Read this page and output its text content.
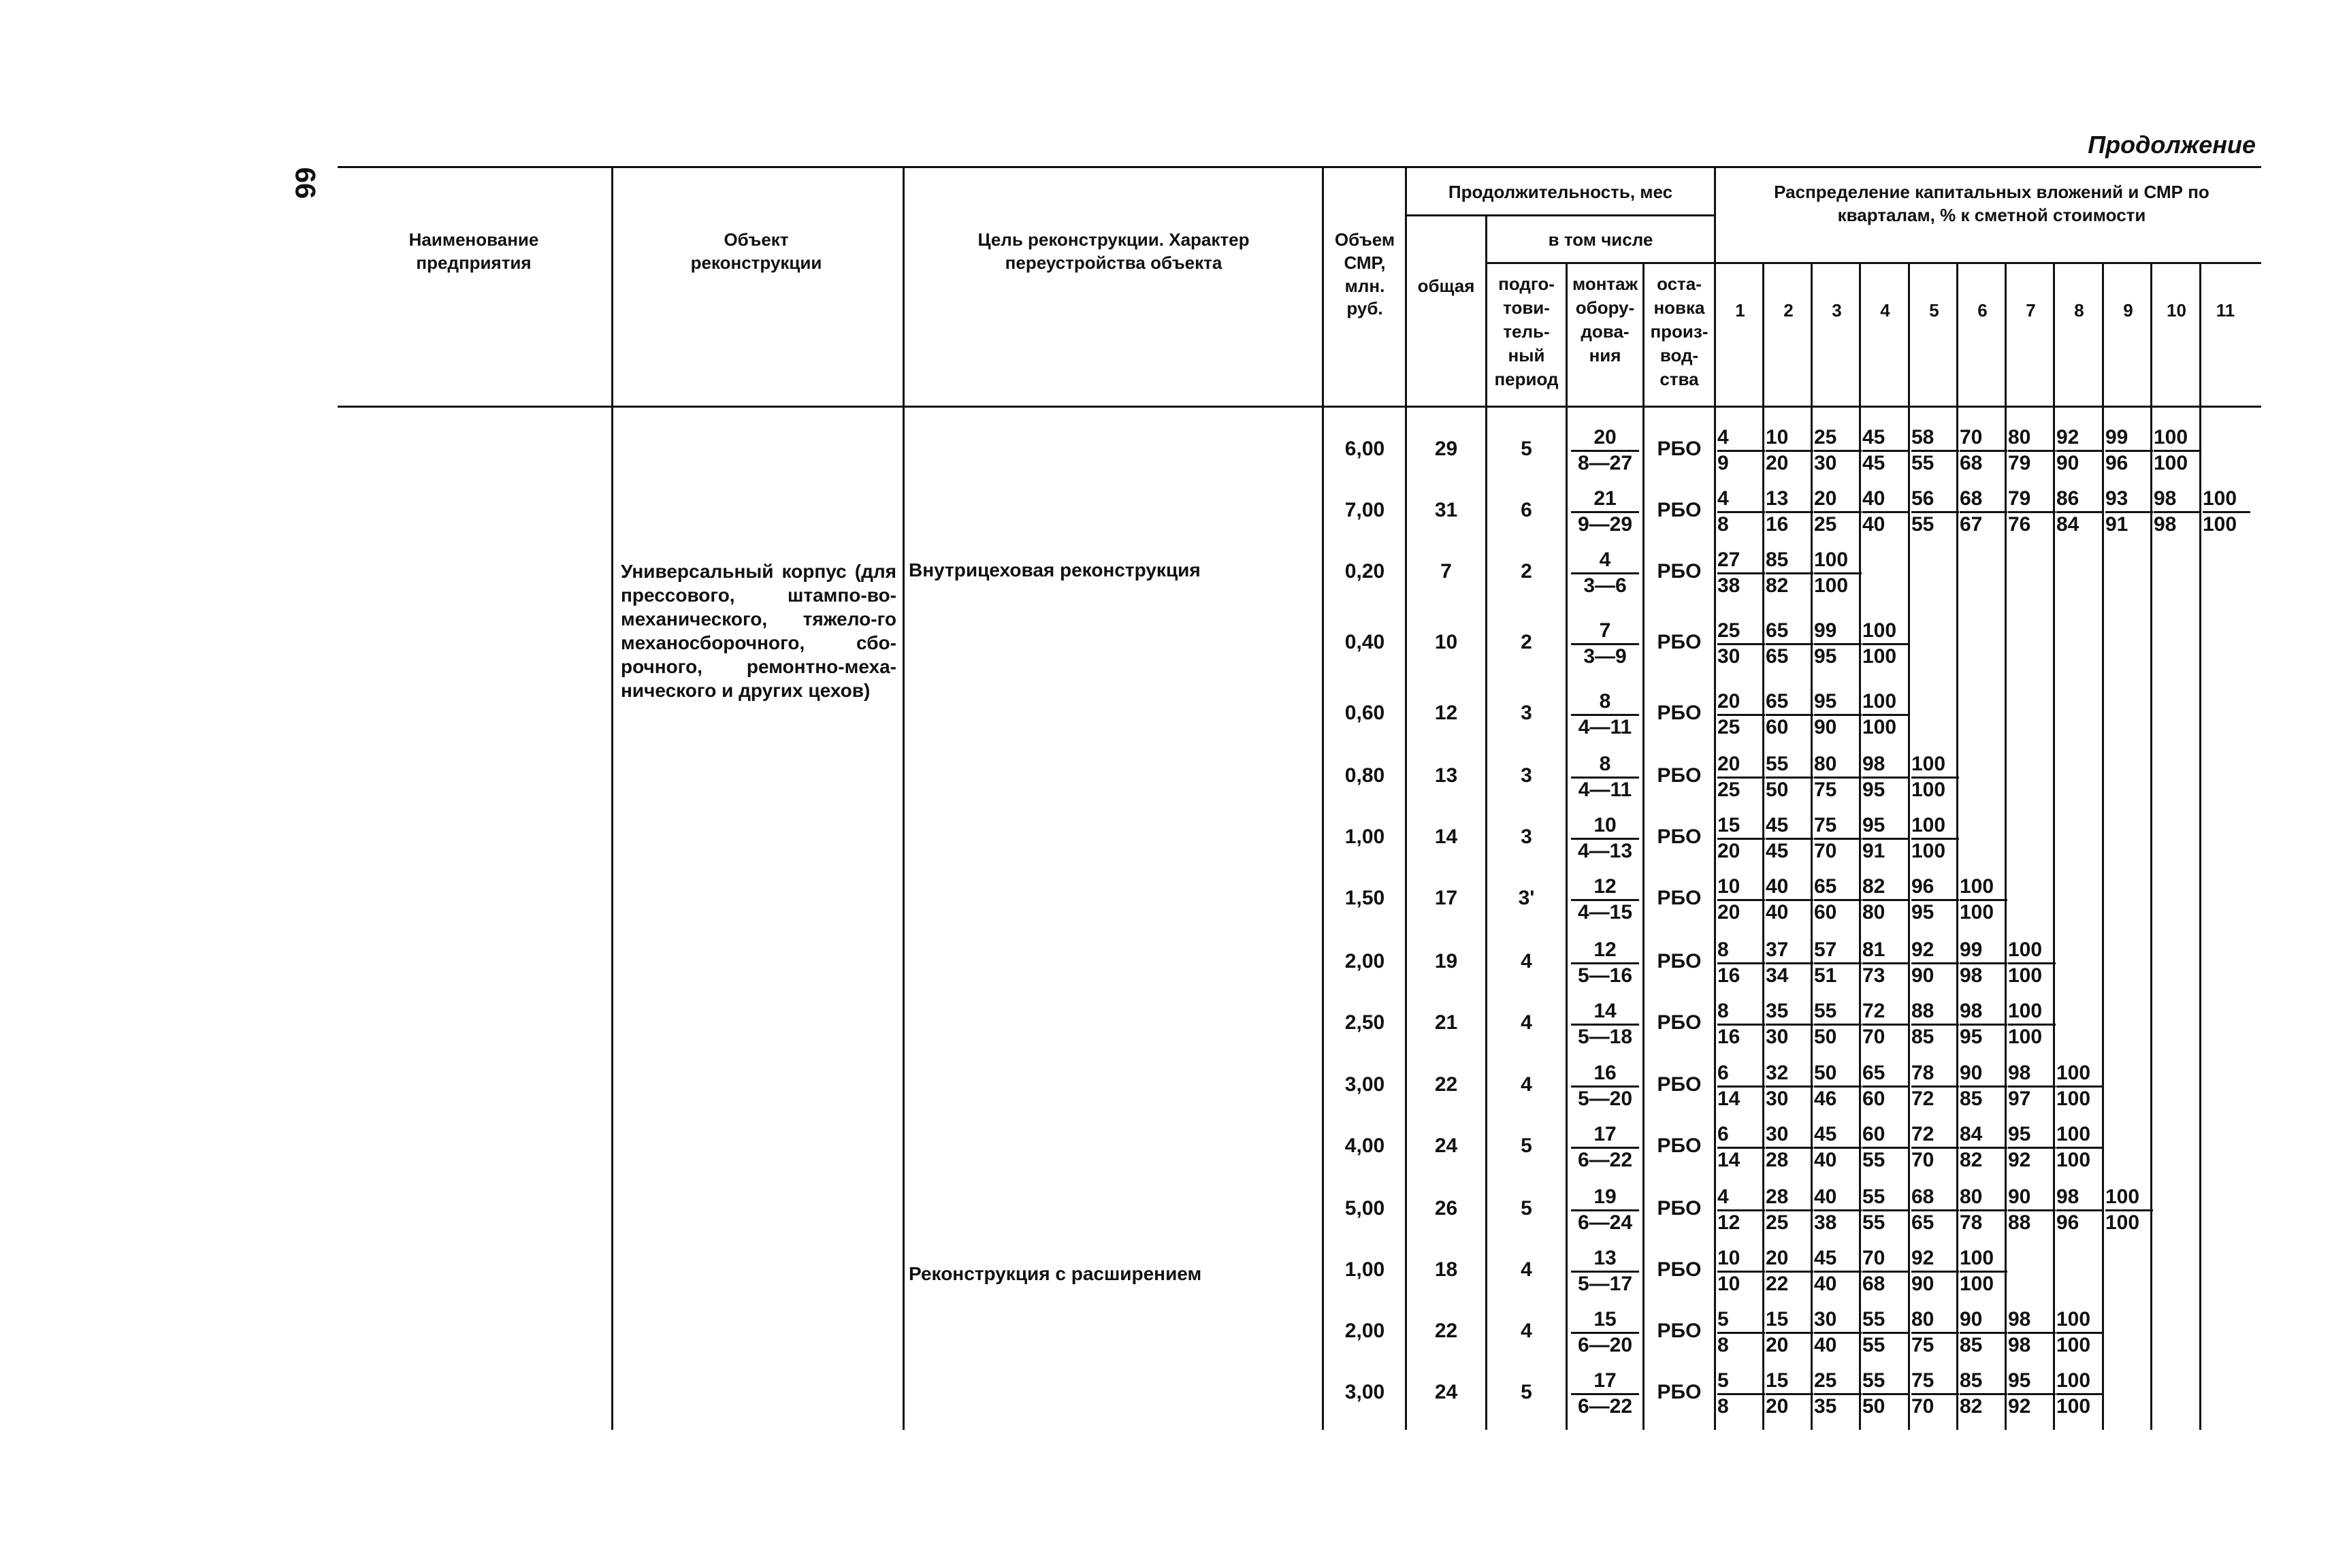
66
Продолжение
Наименование предприятия
Объект реконструкции
Цель реконструкции. Характер переустройства объекта
Объем СМР, млн. руб.
Продолжительность, мес
в том числе
общая	подго-
тови-
тель-
ный
период
монтаж
обору-
дова-
ния
оста-
новка
произ-
вод-
ства
Распределение капитальных вложений и СМР по кварталам, % к сметной стоимости
1	2	3	4	5	6	7	8	9	10	11
Универсальный корпус (для прессового, штампо-во-механического, тяжело-го механосборочного, сбо-рочного, ремонтно-меха-нического и других цехов)
Внутрицеховая реконструкция
Реконструкция с расширением
6,00	29	5	$\frac{20}{8—27}$ РБО $\frac{4}{9} \frac{10}{20} \frac{25}{30} \frac{45}{45} \frac{58}{55} \frac{70}{68} \frac{80}{79} \frac{92}{90} \frac{99}{96} \frac{100}{100}$
7,00	31	6	$\frac{21}{9—29}$ РБО $\frac{4}{8} \frac{13}{16} \frac{20}{25} \frac{40}{40} \frac{56}{55} \frac{68}{67} \frac{79}{76} \frac{86}{84} \frac{93}{91} \frac{98}{98} \frac{100}{100}$
0,20	7	2	$\frac{4}{3—6}$ РБО $\frac{27}{38} \frac{85}{82} \frac{100}{100}$
0,40	10	2	$\frac{7}{3—9}$ РБО $\frac{25}{30} \frac{65}{65} \frac{99}{95} \frac{100}{100}$
0,60	12	3	$\frac{8}{4—11}$ РБО $\frac{20}{25} \frac{65}{60} \frac{95}{90} \frac{100}{100}$
0,80	13	3	$\frac{8}{4—11}$ РБО $\frac{20}{25} \frac{55}{50} \frac{80}{75} \frac{98}{95} \frac{100}{100}$
1,00	14	3	$\frac{10}{4—13}$ РБО $\frac{15}{20} \frac{45}{45} \frac{75}{70} \frac{95}{91} \frac{100}{100}$
1,50	17	3'	$\frac{12}{4—15}$ РБО $\frac{10}{20} \frac{40}{40} \frac{65}{60} \frac{82}{80} \frac{96}{95} \frac{100}{100}$
2,00	19	4	$\frac{12}{5—16}$ РБО $\frac{8}{16} \frac{37}{34} \frac{57}{51} \frac{81}{73} \frac{92}{90} \frac{99}{98} \frac{100}{100}$
2,50	21	4	$\frac{14}{5—18}$ РБО $\frac{8}{16} \frac{35}{30} \frac{55}{50} \frac{72}{70} \frac{88}{85} \frac{98}{95} \frac{100}{100}$
3,00	22	4	$\frac{16}{5—20}$ РБО $\frac{6}{14} \frac{32}{30} \frac{50}{46} \frac{65}{60} \frac{78}{72} \frac{90}{85} \frac{98}{97} \frac{100}{100}$
4,00	24	5	$\frac{17}{6—22}$ РБО $\frac{6}{14} \frac{30}{28} \frac{45}{40} \frac{60}{55} \frac{72}{70} \frac{84}{82} \frac{95}{92} \frac{100}{100}$
5,00	26	5	$\frac{19}{6—24}$ РБО $\frac{4}{12} \frac{28}{25} \frac{40}{38} \frac{55}{55} \frac{68}{65} \frac{80}{78} \frac{90}{88} \frac{98}{96} \frac{100}{100}$
1,00	18	4	$\frac{13}{5—17}$ РБО $\frac{10}{10} \frac{20}{22} \frac{45}{40} \frac{70}{68} \frac{92}{90} \frac{100}{100}$
2,00	22	4	$\frac{15}{6—20}$ РБО $\frac{5}{8} \frac{15}{20} \frac{30}{40} \frac{55}{55} \frac{80}{75} \frac{90}{85} \frac{98}{98} \frac{100}{100}$
3,00	24	5	$\frac{17}{6—22}$ РБО $\frac{5}{8} \frac{15}{20} \frac{25}{35} \frac{55}{50} \frac{75}{70} \frac{85}{82} \frac{95}{92} \frac{100}{100}$
